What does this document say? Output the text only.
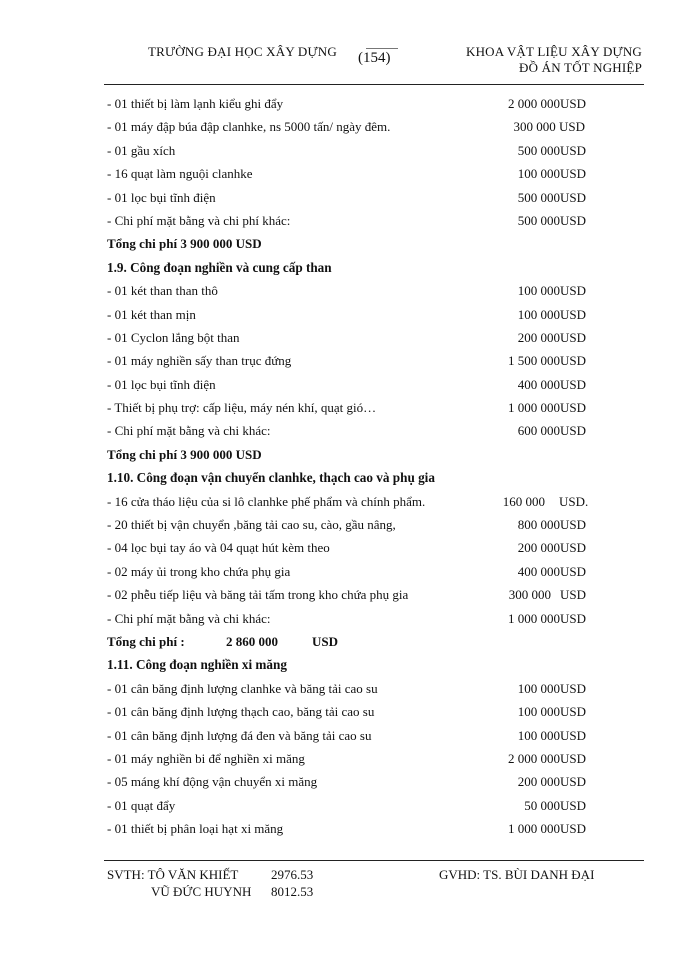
TRƯỜNG ĐẠI HỌC XÂY DỰNG (154)	KHOA VẬT LIỆU XÂY DỰNG
ĐỒ ÁN TỐT NGHIỆP
- 01 thiết bị làm lạnh kiểu ghi đẩy	2 000 000 USD
- 01 máy đập búa đập clanhke, ns 5000 tấn/ ngày đêm.	300 000 USD
- 01 gầu xích	500 000 USD
- 16 quạt làm nguội clanhke	100 000 USD
- 01 lọc bụi tĩnh điện	500 000 USD
- Chi phí mặt bằng và chi phí khác:	500 000 USD
Tổng chi phí 3 900 000 USD
1.9. Công đoạn nghiền và cung cấp than
- 01 két than than thô	100 000 USD
- 01 két than mịn	100 000 USD
- 01 Cyclon lắng bột than	200 000 USD
- 01 máy nghiền sấy than trục đứng	1 500 000 USD
- 01 lọc bụi tĩnh điện	400 000 USD
- Thiết bị phụ trợ: cấp liệu, máy nén khí, quạt gió…	1 000 000 USD
- Chi phí mặt bằng và chi khác:	600 000 USD
Tổng chi phí 3 900 000 USD
1.10. Công đoạn vận chuyển clanhke, thạch cao và phụ gia
- 16 cửa tháo liệu của si lô clanhke phế phẩm và chính phẩm.	160 000 USD.
- 20 thiết bị vận chuyển ,băng tải cao su, cào, gầu nâng,	800 000 USD
- 04 lọc bụi tay áo và 04 quạt hút kèm theo	200 000 USD
- 02 máy ủi trong kho chứa phụ gia	400 000 USD
- 02 phễu tiếp liệu và băng tải tấm trong kho chứa phụ gia	300 000 USD
- Chi phí mặt bằng và chi khác:	1 000 000 USD
Tổng chi phí :	2 860 000	USD
1.11. Công đoạn nghiền xi măng
- 01 cân băng định lượng clanhke và băng tải cao su	100 000 USD
- 01 cân băng định lượng thạch cao, băng tải cao su	100 000 USD
- 01 cân băng định lượng đá đen và băng tải cao su	100 000 USD
- 01 máy nghiền bi để nghiền xi măng	2 000 000 USD
- 05 máng khí động vận chuyển xi măng	200 000 USD
- 01 quạt đẩy	50 000 USD
- 01 thiết bị phân loại hạt xi măng	1 000 000 USD
SVTH: TÔ VĂN KHIẾT	2976.53
VŨ ĐỨC HUYNH 8012.53
GVHD: TS. BÙI DANH ĐẠI
